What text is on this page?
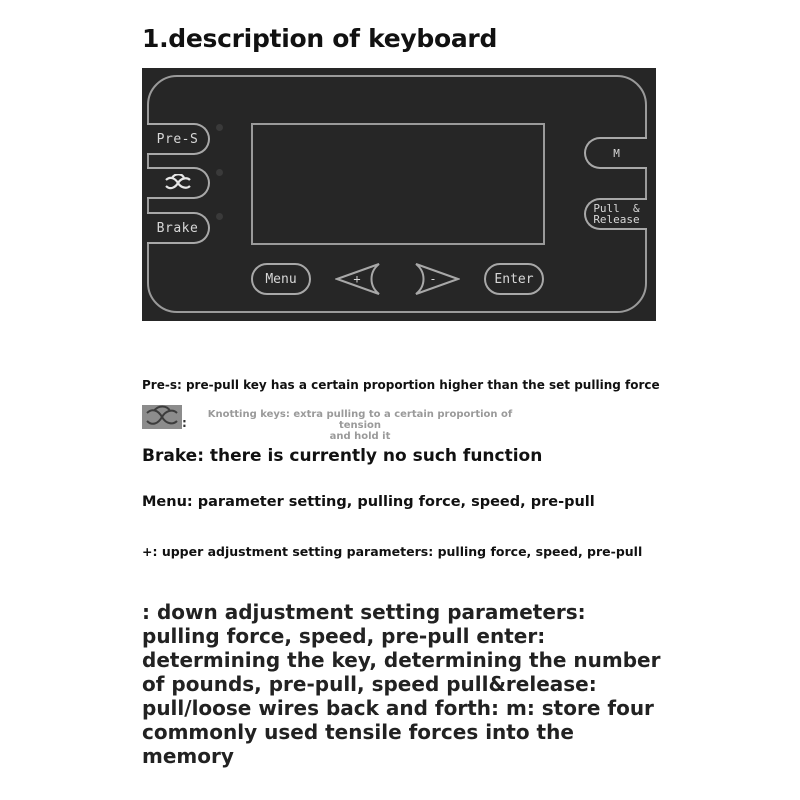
1.description of keyboard
Pre-S
Brake
M
Pull  &
Release
Menu	+	-	Enter
Pre-s: pre-pull key has a certain proportion higher than the set pulling force
:
Knotting keys: extra pulling to a certain proportion of tension
and hold it
Brake: there is currently no such function
Menu: parameter setting, pulling force, speed, pre-pull
+: upper adjustment setting parameters: pulling force, speed, pre-pull
: down adjustment setting parameters: pulling force, speed, pre-pull enter: determining the key, determining the number of pounds, pre-pull, speed pull&release: pull/loose wires back and forth: m: store four commonly used tensile forces into the memory
